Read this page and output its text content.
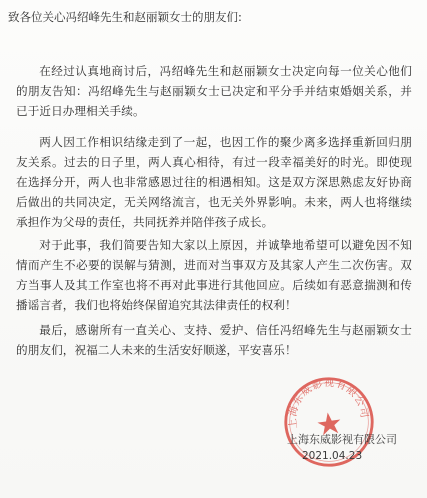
致各位关心冯绍峰先生和赵丽颖女士的朋友们:
在经过认真地商讨后，冯绍峰先生和赵丽颖女士决定向每一位关心他们的朋友告知：冯绍峰先生与赵丽颖女士已决定和平分手并结束婚姻关系，并已于近日办理相关手续。
两人因工作相识结缘走到了一起，也因工作的聚少离多选择重新回归朋友关系。过去的日子里，两人真心相待，有过一段幸福美好的时光。即使现在选择分开，两人也非常感恩过往的相遇相知。这是双方深思熟虑友好协商后做出的共同决定，无关网络流言，也无关外界影响。未来，两人也将继续承担作为父母的责任，共同抚养并陪伴孩子成长。
对于此事，我们简要告知大家以上原因，并诚挚地希望可以避免因不知情而产生不必要的误解与猜测，进而对当事双方及其家人产生二次伤害。双方当事人及其工作室也将不再对此事进行其他回应。后续如有恶意揣测和传播谣言者，我们也将始终保留追究其法律责任的权利！
最后，感谢所有一直关心、支持、爱护、信任冯绍峰先生与赵丽颖女士的朋友们，祝福二人未来的生活安好顺遂，平安喜乐！
上海东威影视有限公司
上海东威影视有限公司
2021.04.23
